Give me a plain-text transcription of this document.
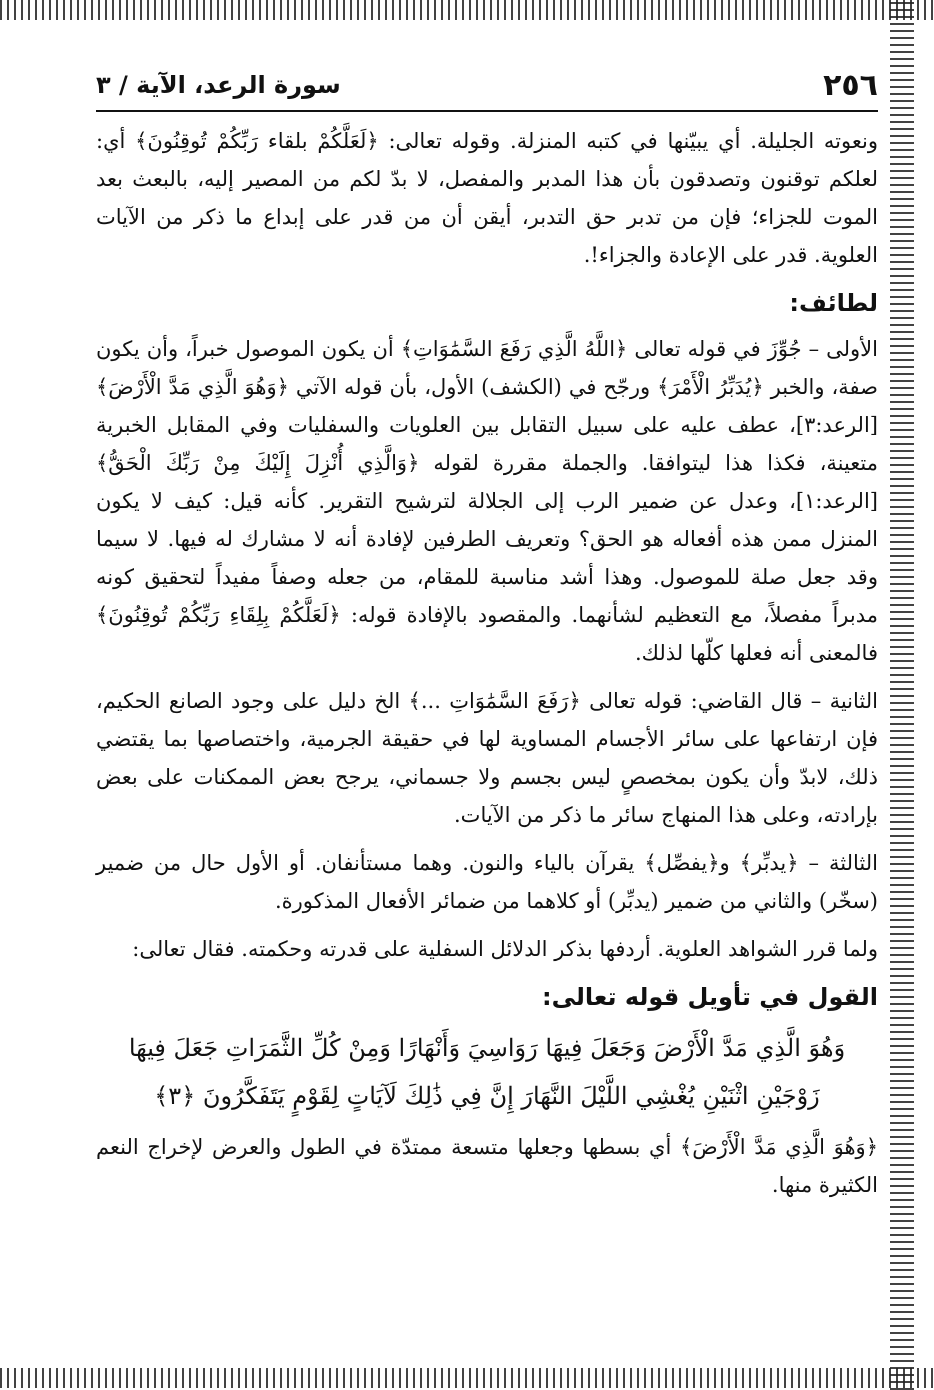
٢٥٦
سورة الرعد، الآية / ٣

ونعوته الجليلة. أي يبيّنها في كتبه المنزلة. وقوله تعالى: ﴿لَعَلَّكُمْ بلقاء رَبِّكُمْ تُوقِنُونَ﴾ أي: لعلكم توقنون وتصدقون بأن هذا المدبر والمفصل، لا بدّ لكم من المصير إليه، بالبعث بعد الموت للجزاء؛ فإن من تدبر حق التدبر، أيقن أن من قدر على إبداع ما ذكر من الآيات العلوية. قدر على الإعادة والجزاء!.

لطائف:

الأولى – جُوِّزَ في قوله تعالى ﴿اللَّهُ الَّذِي رَفَعَ السَّمَٰوَاتِ﴾ أن يكون الموصول خبراً، وأن يكون صفة، والخبر ﴿يُدَبِّرُ الْأَمْرَ﴾ ورجّح في (الكشف) الأول، بأن قوله الآتي ﴿وَهُوَ الَّذِي مَدَّ الْأَرْضَ﴾ [الرعد:٣]، عطف عليه على سبيل التقابل بين العلويات والسفليات وفي المقابل الخبرية متعينة، فكذا هذا ليتوافقا. والجملة مقررة لقوله ﴿وَالَّذِي أُنْزِلَ إِلَيْكَ مِنْ رَبِّكَ الْحَقُّ﴾ [الرعد:١]، وعدل عن ضمير الرب إلى الجلالة لترشيح التقرير. كأنه قيل: كيف لا يكون المنزل ممن هذه أفعاله هو الحق؟ وتعريف الطرفين لإفادة أنه لا مشارك له فيها. لا سيما وقد جعل صلة للموصول. وهذا أشد مناسبة للمقام، من جعله وصفاً مفيداً لتحقيق كونه مدبراً مفصلاً، مع التعظيم لشأنهما. والمقصود بالإفادة قوله: ﴿لَعَلَّكُمْ بِلِقَاءِ رَبِّكُمْ تُوقِنُونَ﴾ فالمعنى أنه فعلها كلّها لذلك.

الثانية – قال القاضي: قوله تعالى ﴿رَفَعَ السَّمَٰوَاتِ ...﴾ الخ دليل على وجود الصانع الحكيم، فإن ارتفاعها على سائر الأجسام المساوية لها في حقيقة الجرمية، واختصاصها بما يقتضي ذلك، لابدّ وأن يكون بمخصصٍ ليس بجسم ولا جسماني، يرجح بعض الممكنات على بعض بإرادته، وعلى هذا المنهاج سائر ما ذكر من الآيات.

الثالثة – ﴿يدبِّر﴾ و﴿يفصِّل﴾ يقرآن بالياء والنون. وهما مستأنفان. أو الأول حال من ضمير (سخّر) والثاني من ضمير (يدبِّر) أو كلاهما من ضمائر الأفعال المذكورة.

ولما قرر الشواهد العلوية. أردفها بذكر الدلائل السفلية على قدرته وحكمته. فقال تعالى:

القول في تأويل قوله تعالى:
وَهُوَ الَّذِي مَدَّ الْأَرْضَ وَجَعَلَ فِيهَا رَوَاسِيَ وَأَنْهَارًا وَمِنْ كُلِّ الثَّمَرَاتِ جَعَلَ فِيهَا زَوْجَيْنِ اثْنَيْنِ يُغْشِي اللَّيْلَ النَّهَارَ إِنَّ فِي ذَٰلِكَ لَآيَاتٍ لِقَوْمٍ يَتَفَكَّرُونَ ﴿٣﴾

﴿وَهُوَ الَّذِي مَدَّ الْأَرْضَ﴾ أي بسطها وجعلها متسعة ممتدّة في الطول والعرض لإخراج النعم الكثيرة منها.
